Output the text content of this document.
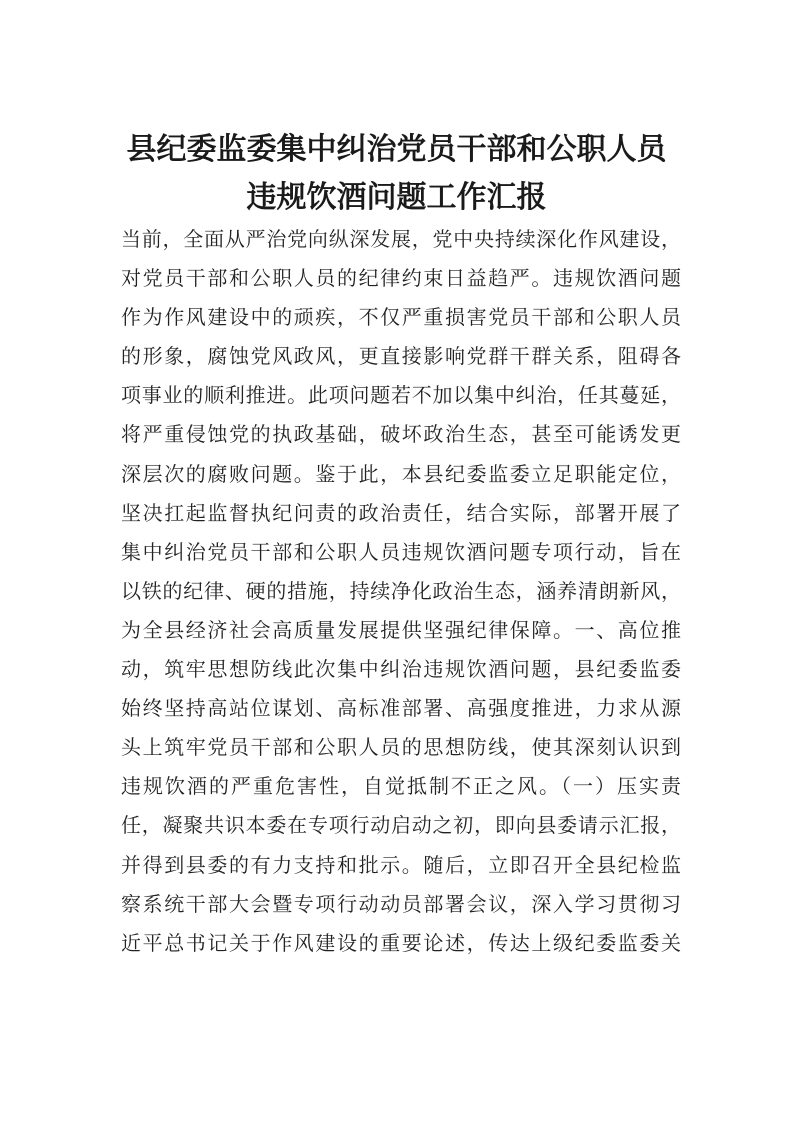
县纪委监委集中纠治党员干部和公职人员
违规饮酒问题工作汇报
当前，全面从严治党向纵深发展，党中央持续深化作风建设，
对党员干部和公职人员的纪律约束日益趋严。违规饮酒问题
作为作风建设中的顽疾，不仅严重损害党员干部和公职人员
的形象，腐蚀党风政风，更直接影响党群干群关系，阻碍各
项事业的顺利推进。此项问题若不加以集中纠治，任其蔓延，
将严重侵蚀党的执政基础，破坏政治生态，甚至可能诱发更
深层次的腐败问题。鉴于此，本县纪委监委立足职能定位，
坚决扛起监督执纪问责的政治责任，结合实际，部署开展了
集中纠治党员干部和公职人员违规饮酒问题专项行动，旨在
以铁的纪律、硬的措施，持续净化政治生态，涵养清朗新风，
为全县经济社会高质量发展提供坚强纪律保障。一、高位推
动，筑牢思想防线此次集中纠治违规饮酒问题，县纪委监委
始终坚持高站位谋划、高标准部署、高强度推进，力求从源
头上筑牢党员干部和公职人员的思想防线，使其深刻认识到
违规饮酒的严重危害性，自觉抵制不正之风。（一）压实责
任，凝聚共识本委在专项行动启动之初，即向县委请示汇报，
并得到县委的有力支持和批示。随后，立即召开全县纪检监
察系统干部大会暨专项行动动员部署会议，深入学习贯彻习
近平总书记关于作风建设的重要论述，传达上级纪委监委关
